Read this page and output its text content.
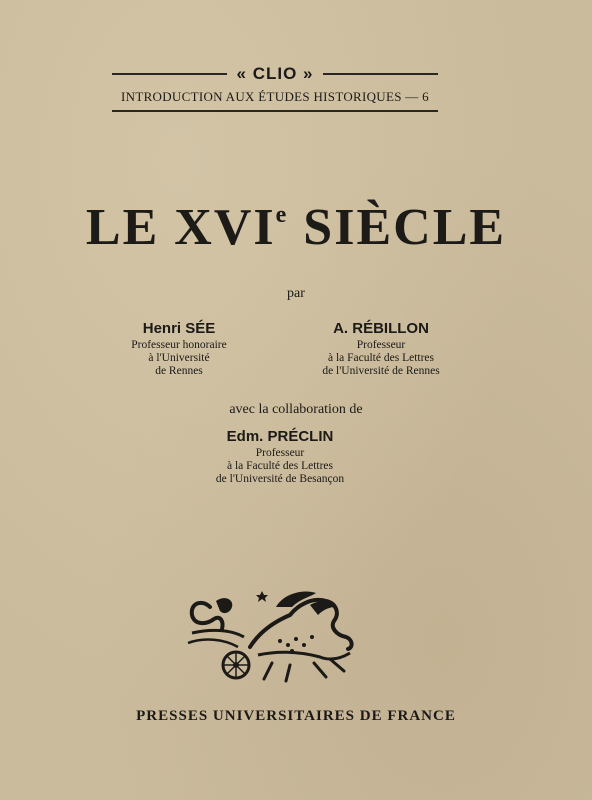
« CLIO »
INTRODUCTION AUX ÉTUDES HISTORIQUES — 6
LE XVIe SIÈCLE
par
Henri SÉE
Professeur honoraire
à l'Université
de Rennes
A. RÉBILLON
Professeur
à la Faculté des Lettres
de l'Université de Rennes
avec la collaboration de
Edm. PRÉCLIN
Professeur
à la Faculté des Lettres
de l'Université de Besançon
PRESSES UNIVERSITAIRES DE FRANCE
